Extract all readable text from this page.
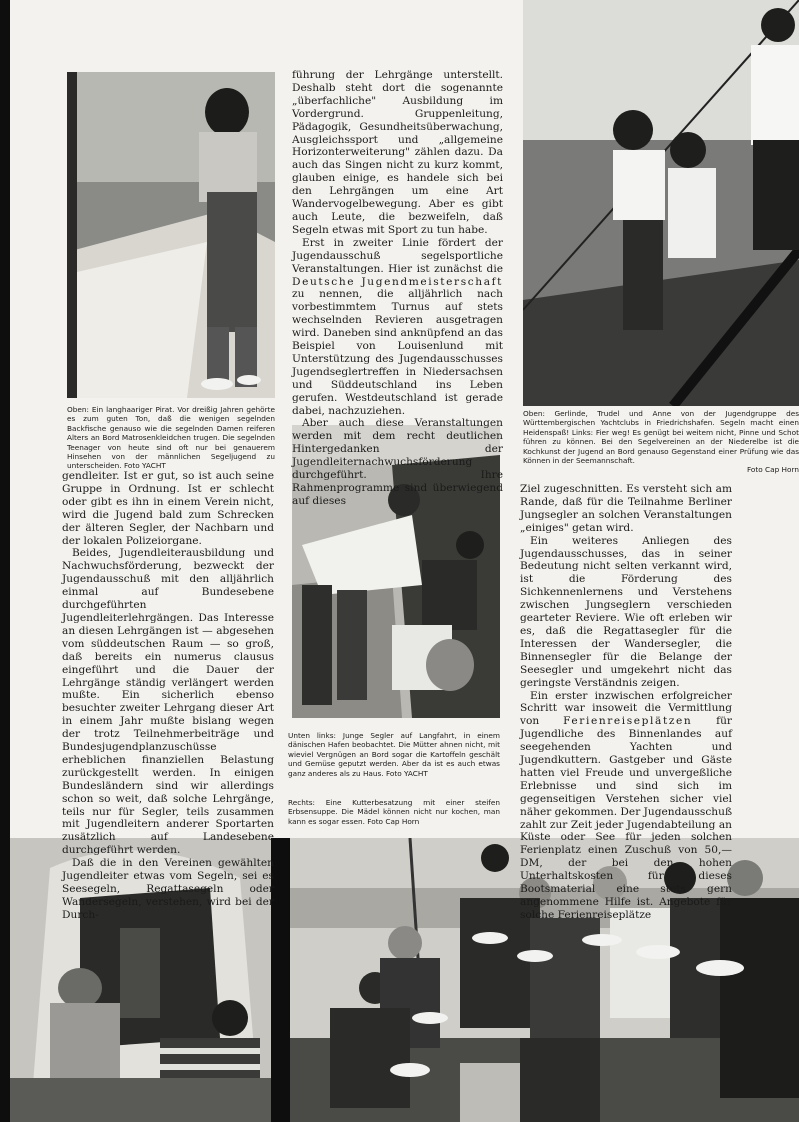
Oben: Ein langhaariger Pirat. Vor dreißig Jahren gehörte es zum guten Ton, daß die wenigen segelnden Backfische genauso wie die segelnden Damen reiferen Alters an Bord Matrosenkleidchen trugen. Die segelnden Teenager von heute sind oft nur bei genauerem Hinsehen von der männlichen Segeljugend zu unterscheiden. Foto YACHT
Oben: Gerlinde, Trudel und Anne von der Jugendgruppe des Württembergischen Yachtclubs in Friedrichshafen. Segeln macht einen Heidenspaß! Links: Fier weg! Es genügt bei weitem nicht, Pinne und Schot führen zu können. Bei den Segelvereinen an der Niederelbe ist die Kochkunst der Jugend an Bord genauso Gegenstand einer Prüfung wie das Können in der Seemannschaft.
Foto Cap Horn
Unten links: Junge Segler auf Langfahrt, in einem dänischen Hafen beobachtet. Die Mütter ahnen nicht, mit wieviel Vergnügen an Bord sogar die Kartoffeln geschält und Gemüse geputzt werden. Aber da ist es auch etwas ganz anderes als zu Haus. Foto YACHT
Rechts: Eine Kutterbesatzung mit einer steifen Erbsensuppe. Die Mädel können nicht nur kochen, man kann es sogar essen. Foto Cap Horn

gendleiter. Ist er gut, so ist auch seine Gruppe in Ordnung. Ist er schlecht oder gibt es ihn in einem Verein nicht, wird die Jugend bald zum Schrecken der älteren Segler, der Nachbarn und der lokalen Polizeiorgane.

Beides, Jugendleiterausbildung und Nachwuchsförderung, bezweckt der Jugendausschuß mit den alljährlich einmal auf Bundesebene durchgeführten Jugendleiterlehrgängen. Das Interesse an diesen Lehrgängen ist — abgesehen vom süddeutschen Raum — so groß, daß bereits ein numerus clausus eingeführt und die Dauer der Lehrgänge ständig verlängert werden mußte. Ein sicherlich ebenso besuchter zweiter Lehrgang dieser Art in einem Jahr mußte bislang wegen der trotz Teilnehmerbeiträge und Bundesjugendplanzuschüsse erheblichen finanziellen Belastung zurückgestellt werden. In einigen Bundesländern sind wir allerdings schon so weit, daß solche Lehrgänge, teils nur für Segler, teils zusammen mit Jugendleitern anderer Sportarten zusätzlich auf Landesebene durchgeführt werden.

Daß die in den Vereinen gewählten Jugendleiter etwas vom Segeln, sei es Seesegeln, Regattasegeln oder Wandersegeln, verstehen, wird bei der Durch-

führung der Lehrgänge unterstellt. Deshalb steht dort die sogenannte „überfachliche" Ausbildung im Vordergrund. Gruppenleitung, Pädagogik, Gesundheitsüberwachung, Ausgleichssport und „allgemeine Horizonterweiterung" zählen dazu. Da auch das Singen nicht zu kurz kommt, glauben einige, es handele sich bei den Lehrgängen um eine Art Wandervogelbewegung. Aber es gibt auch Leute, die bezweifeln, daß Segeln etwas mit Sport zu tun habe.

Erst in zweiter Linie fördert der Jugendausschuß segelsportliche Veranstaltungen. Hier ist zunächst die Deutsche Jugendmeisterschaft zu nennen, die alljährlich nach vorbestimmtem Turnus auf stets wechselnden Revieren ausgetragen wird. Daneben sind anknüpfend an das Beispiel von Louisenlund mit Unterstützung des Jugendausschusses Jugendseglertreffen in Niedersachsen und Süddeutschland ins Leben gerufen. Westdeutschland ist gerade dabei, nachzuziehen.

Aber auch diese Veranstaltungen werden mit dem recht deutlichen Hintergedanken der Jugendleiternachwuchsförderung durchgeführt. Ihre Rahmenprogramme sind überwiegend auf dieses

Ziel zugeschnitten. Es versteht sich am Rande, daß für die Teilnahme Berliner Jungsegler an solchen Veranstaltungen „einiges" getan wird.

Ein weiteres Anliegen des Jugendausschusses, das in seiner Bedeutung nicht selten verkannt wird, ist die Förderung des Sichkennenlernens und Verstehens zwischen Jungseglern verschieden gearteter Reviere. Wie oft erleben wir es, daß die Regattasegler für die Interessen der Wandersegler, die Binnensegler für die Belange der Seesegler und umgekehrt nicht das geringste Verständnis zeigen.

Ein erster inzwischen erfolgreicher Schritt war insoweit die Vermittlung von Ferienreiseplätzen für Jugendliche des Binnenlandes auf seegehenden Yachten und Jugendkuttern. Gastgeber und Gäste hatten viel Freude und unvergeßliche Erlebnisse und sind sich im gegenseitigen Verstehen sicher viel näher gekommen. Der Jugendausschuß zahlt zur Zeit jeder Jugendabteilung an Küste oder See für jeden solchen Ferienplatz einen Zuschuß von 50,— DM, der bei den hohen Unterhaltskosten für dieses Bootsmaterial eine stets gern angenommene Hilfe ist. Angebote für solche Ferienreiseplätze
